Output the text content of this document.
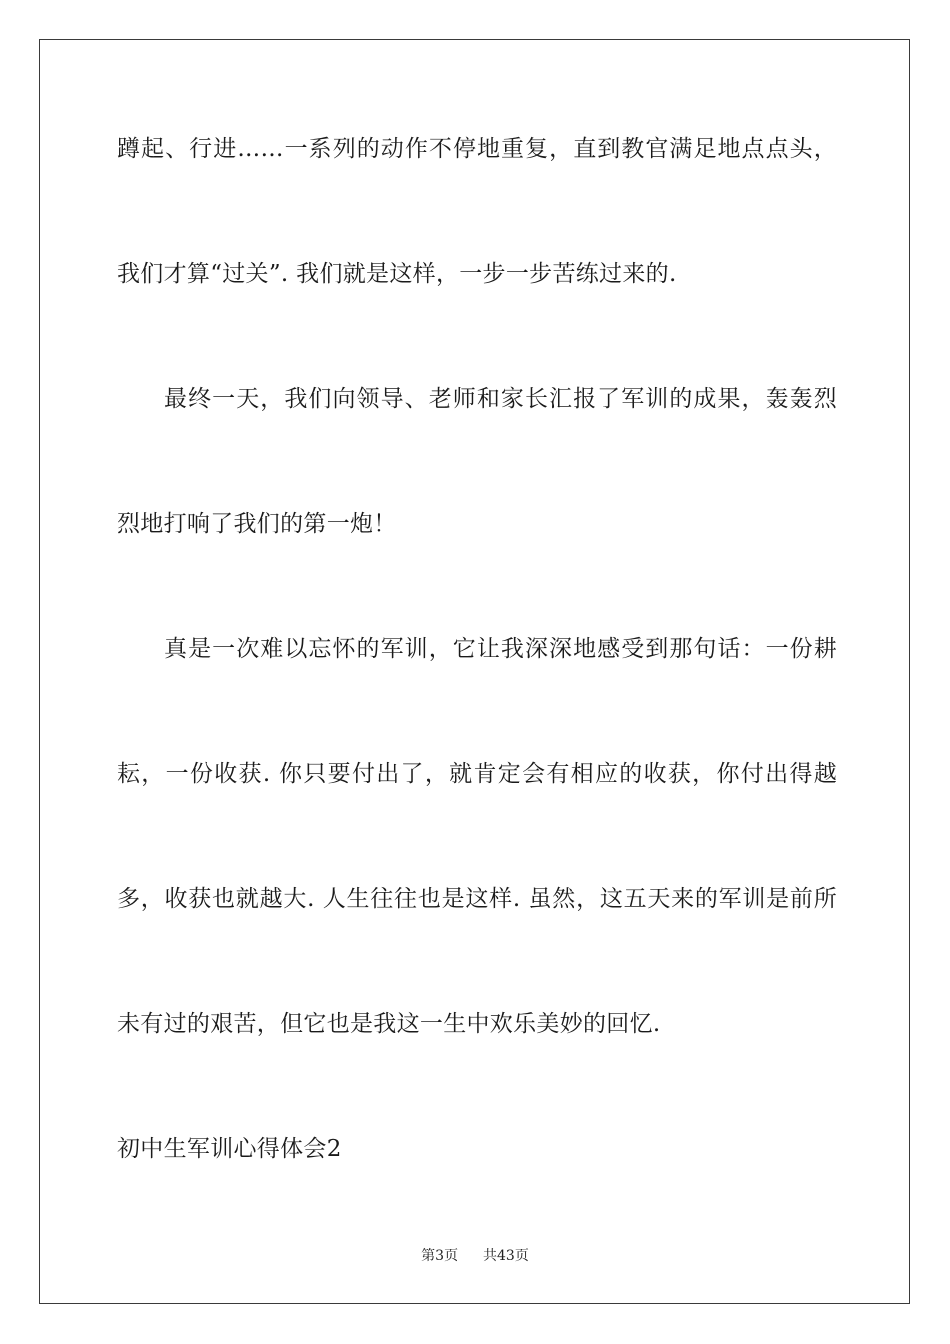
蹲起、行进……一系列的动作不停地重复，直到教官满足地点点头，
我们才算“过关”. 我们就是这样，一步一步苦练过来的.
最终一天，我们向领导、老师和家长汇报了军训的成果，轰轰烈
烈地打响了我们的第一炮！
真是一次难以忘怀的军训，它让我深深地感受到那句话：一份耕
耘，一份收获. 你只要付出了，就肯定会有相应的收获，你付出得越
多，收获也就越大. 人生往往也是这样. 虽然，这五天来的军训是前所
未有过的艰苦，但它也是我这一生中欢乐美妙的回忆.
初中生军训心得体会2
第3页 共43页
